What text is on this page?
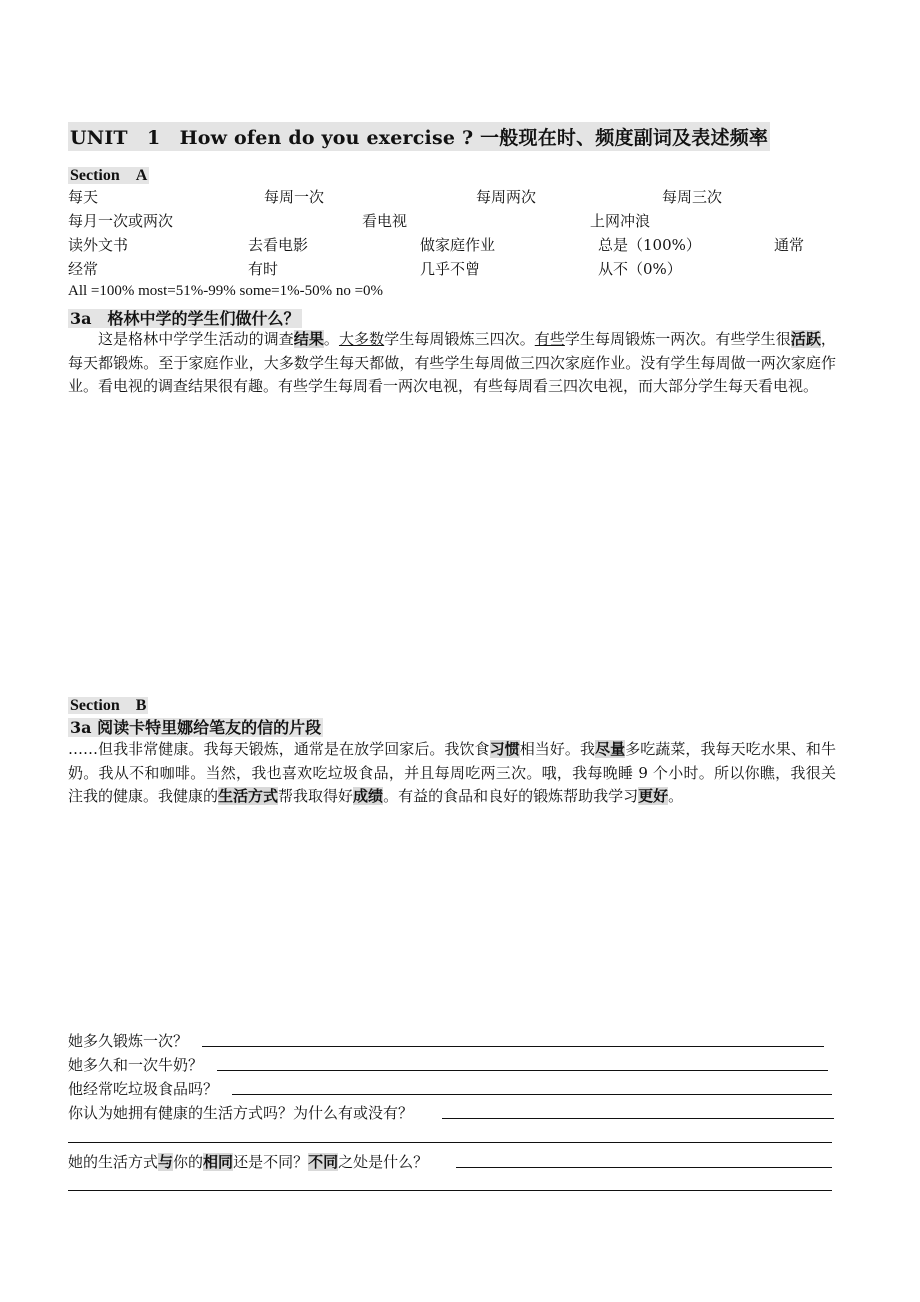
UNIT　1　How ofen do you exercise ? 一般现在时、频度副词及表述频率
Section　A
每天	每周一次	每周两次	每周三次
每月一次或两次	看电视	上网冲浪
读外文书	去看电影	做家庭作业	总是（100%）	通常
经常	有时	几乎不曾	从不（0%）
All =100% most=51%-99% some=1%-50% no =0%
3a　格林中学的学生们做什么？
这是格林中学学生活动的调查结果。大多数学生每周锻炼三四次。有些学生每周锻炼一两次。有些学生很活跃，每天都锻炼。至于家庭作业，大多数学生每天都做，有些学生每周做三四次家庭作业。没有学生每周做一两次家庭作业。看电视的调查结果很有趣。有些学生每周看一两次电视，有些每周看三四次电视，而大部分学生每天看电视。
Section　B
3a 阅读卡特里娜给笔友的信的片段
……但我非常健康。我每天锻炼，通常是在放学回家后。我饮食习惯相当好。我尽量多吃蔬菜，我每天吃水果、和牛奶。我从不和咖啡。当然，我也喜欢吃垃圾食品，并且每周吃两三次。哦，我每晚睡 9 个小时。所以你瞧，我很关注我的健康。我健康的生活方式帮我取得好成绩。有益的食品和良好的锻炼帮助我学习更好。
她多久锻炼一次？
她多久和一次牛奶？
他经常吃垃圾食品吗？
你认为她拥有健康的生活方式吗？为什么有或没有？
她的生活方式与你的相同还是不同？不同之处是什么？
